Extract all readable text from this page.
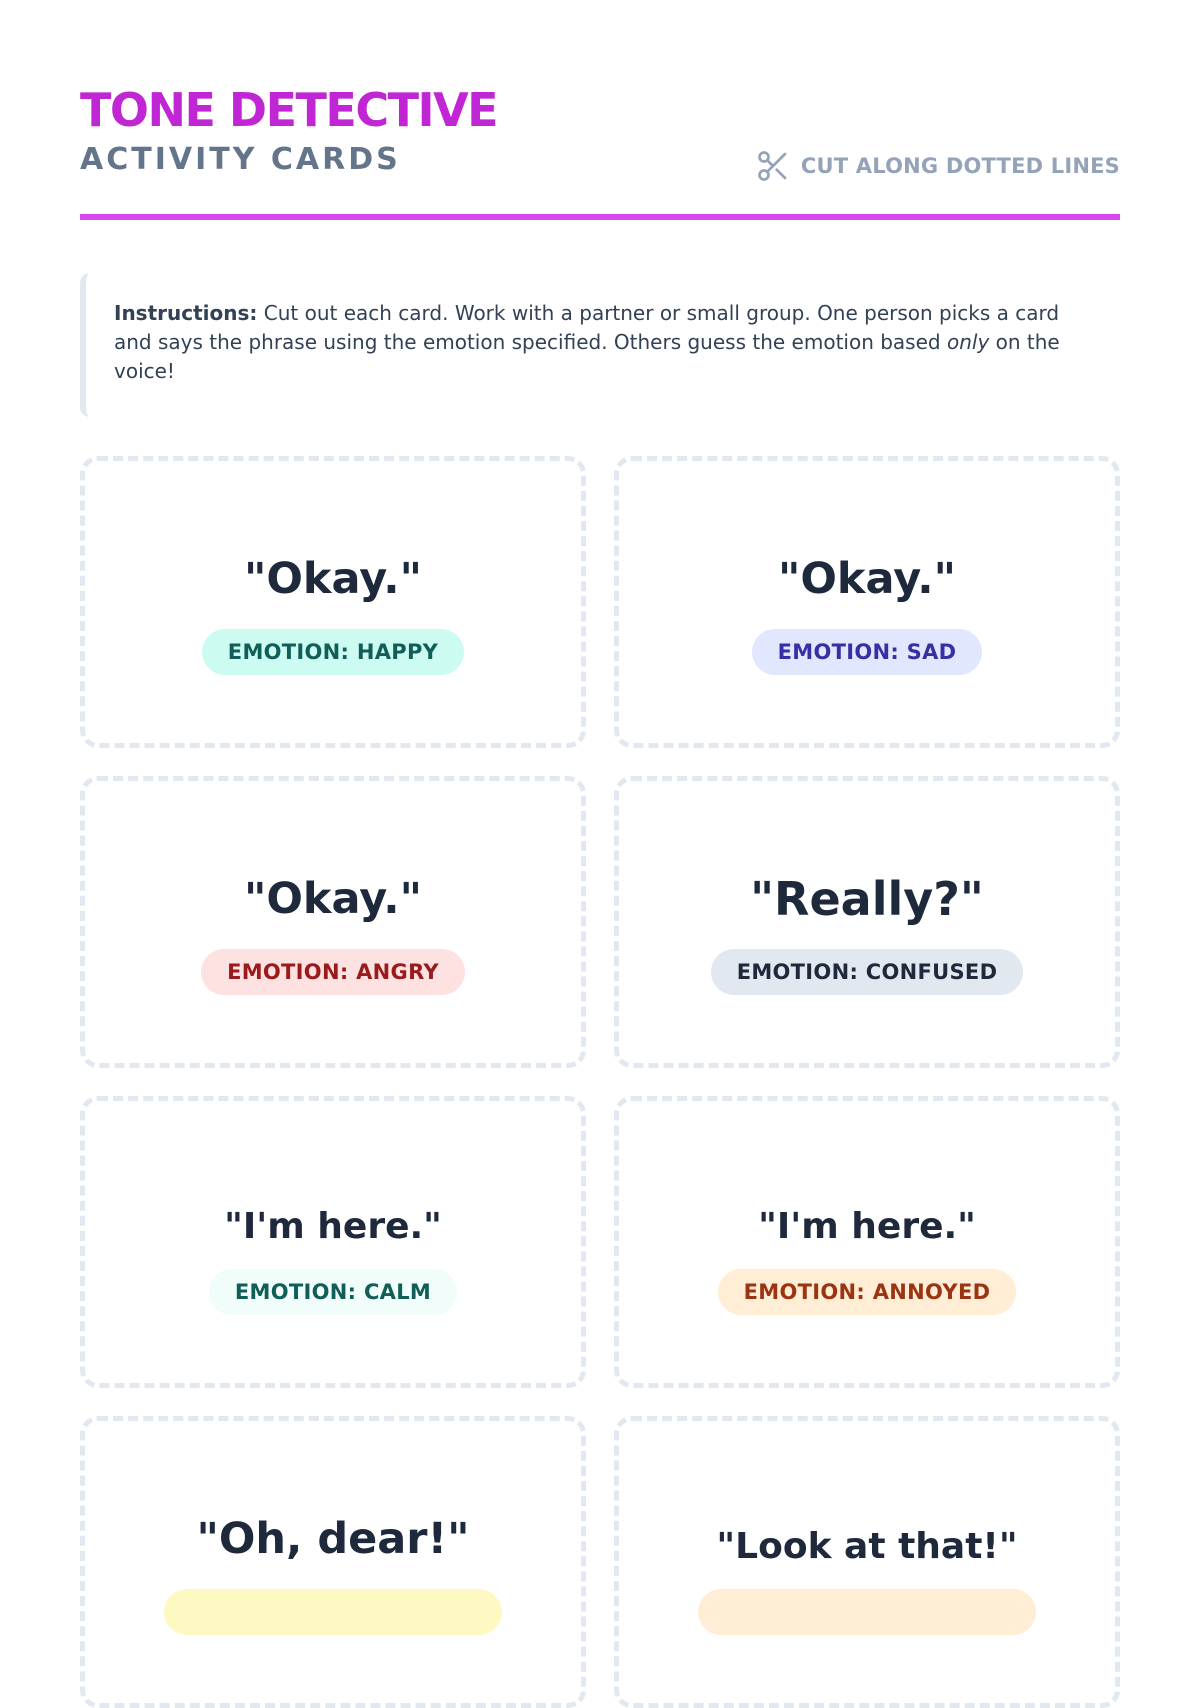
TONE DETECTIVE
ACTIVITY CARDS	CUT ALONG DOTTED LINES
Instructions: Cut out each card. Work with a partner or small group. One person picks a card and says the phrase using the emotion specified. Others guess the emotion based only on the voice!
"Okay."
EMOTION: HAPPY
"Okay."
EMOTION: SAD
"Okay."
EMOTION: ANGRY
"Really?"
EMOTION: CONFUSED
"I'm here."
EMOTION: CALM
"I'm here."
EMOTION: ANNOYED
"Oh, dear!"	"Look at that!"
